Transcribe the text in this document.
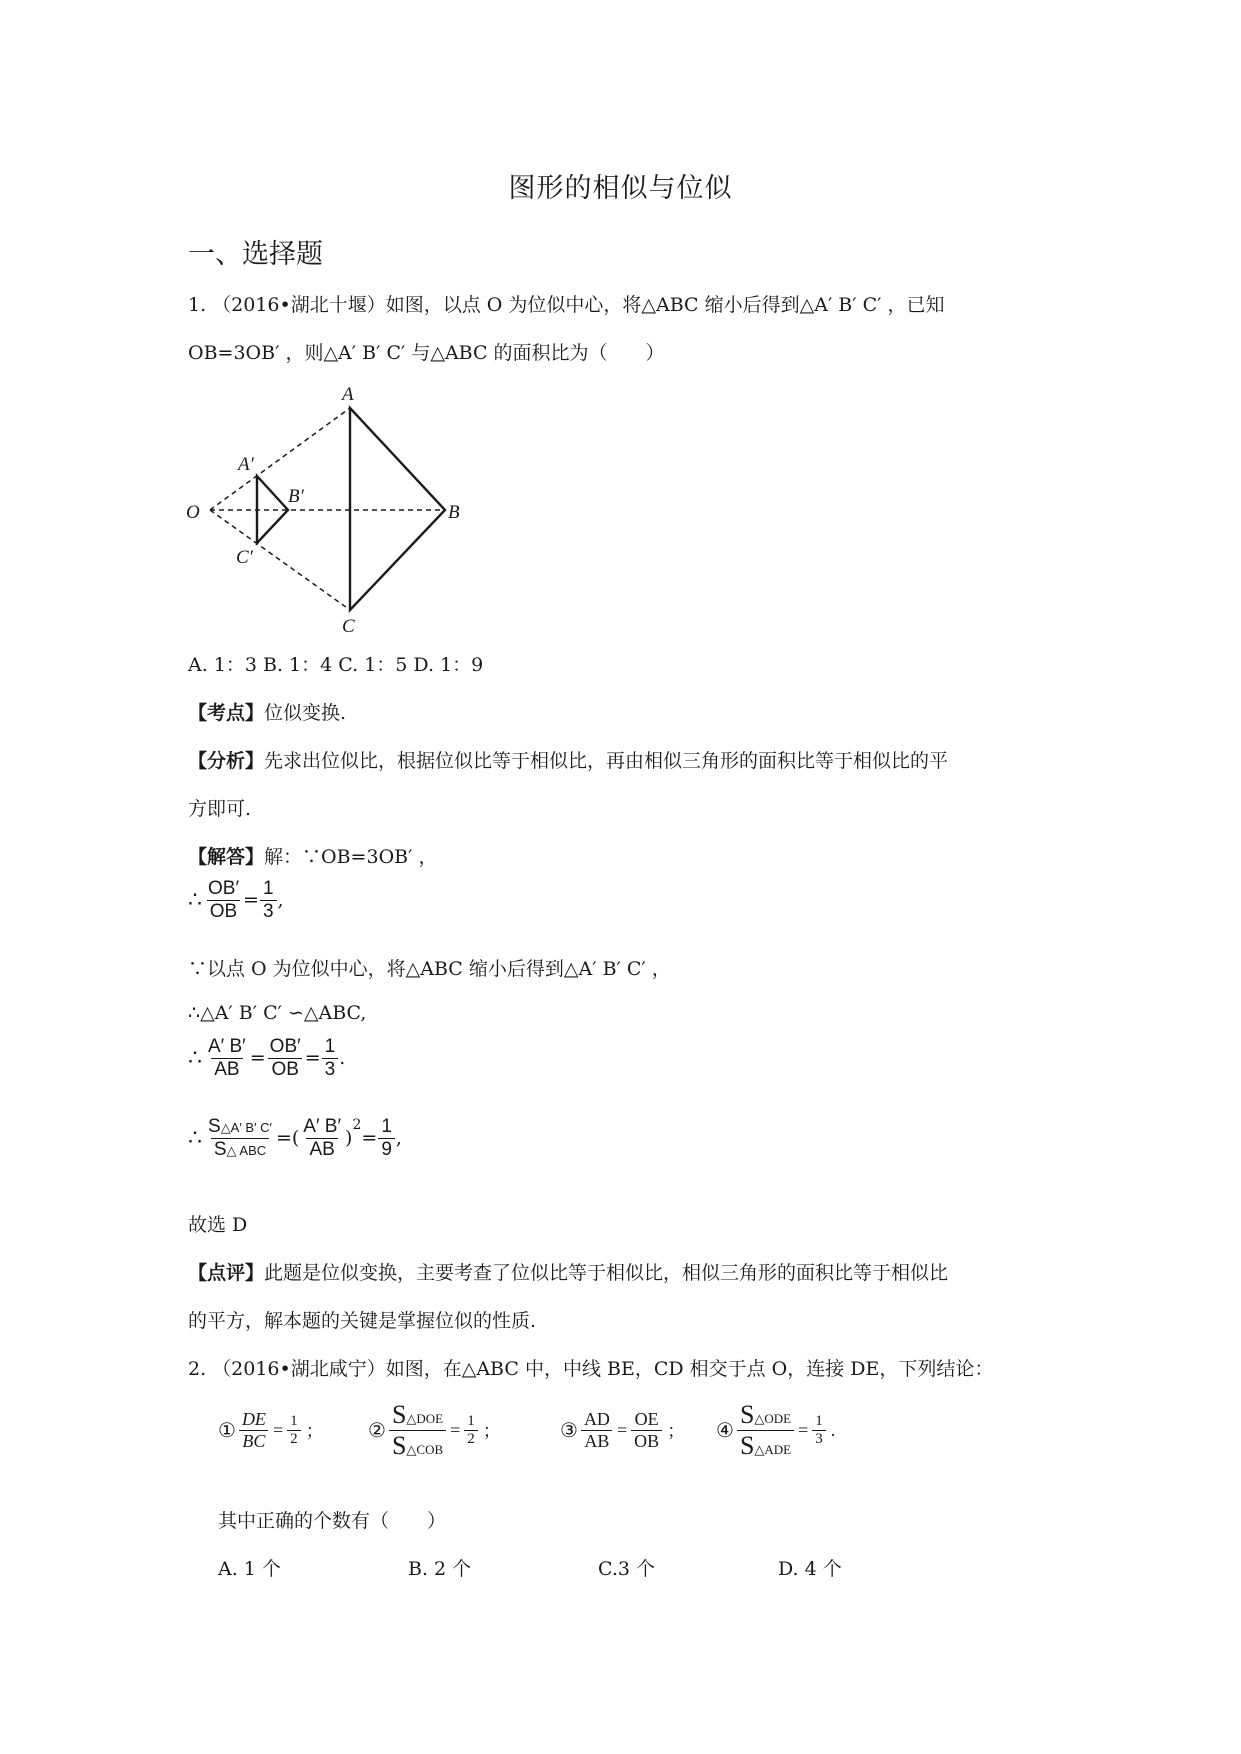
图形的相似与位似
一、选择题
1. （2016•湖北十堰）如图，以点 O 为位似中心，将△ABC 缩小后得到△A′ B′ C′ ，已知
OB=3OB′ ，则△A′ B′ C′ 与△ABC 的面积比为（　　）
O
A
B
C
A′
B′
C′
A. 1：3 B. 1：4 C. 1：5 D. 1：9
【考点】位似变换.
【分析】先求出位似比，根据位似比等于相似比，再由相似三角形的面积比等于相似比的平
方即可.
【解答】解：∵OB=3OB′ ，
∴ $\frac{OB'}{OB} = \frac{1}{3}$ ,
∵以点 O 为位似中心，将△ABC 缩小后得到△A′ B′ C′ ，
∴△A′ B′ C′ ∽△ABC,
∴ $\frac{A' B'}{AB} = \frac{OB'}{OB} = \frac{1}{3}$ .
∴ $\frac{S\triangle A' B' C'}{\text{S△ ABC}}$ =( $\frac{A' B'}{AB}$ )
$^2$
= $\frac{1}{9}$ ,
故选 D
【点评】此题是位似变换，主要考查了位似比等于相似比，相似三角形的面积比等于相似比
的平方，解本题的关键是掌握位似的性质.
2. （2016•湖北咸宁）如图，在△ABC 中，中线 BE，CD 相交于点 O，连接 DE，下列结论：
① $\frac{DE}{BC} = \frac{1}{2}$ ； ② $\frac{\text{S△DOE}}{\text{S△COB}} = \frac{1}{2}$ ；	③ $\frac{AD}{AB} = \frac{OE}{OB}$ ； ④ $\frac{\text{S△ODE}}{\text{S△ADE}} = \frac{1}{3}$ .
其中正确的个数有（　　）
A. 1 个	B. 2 个	C.3 个	D. 4 个
